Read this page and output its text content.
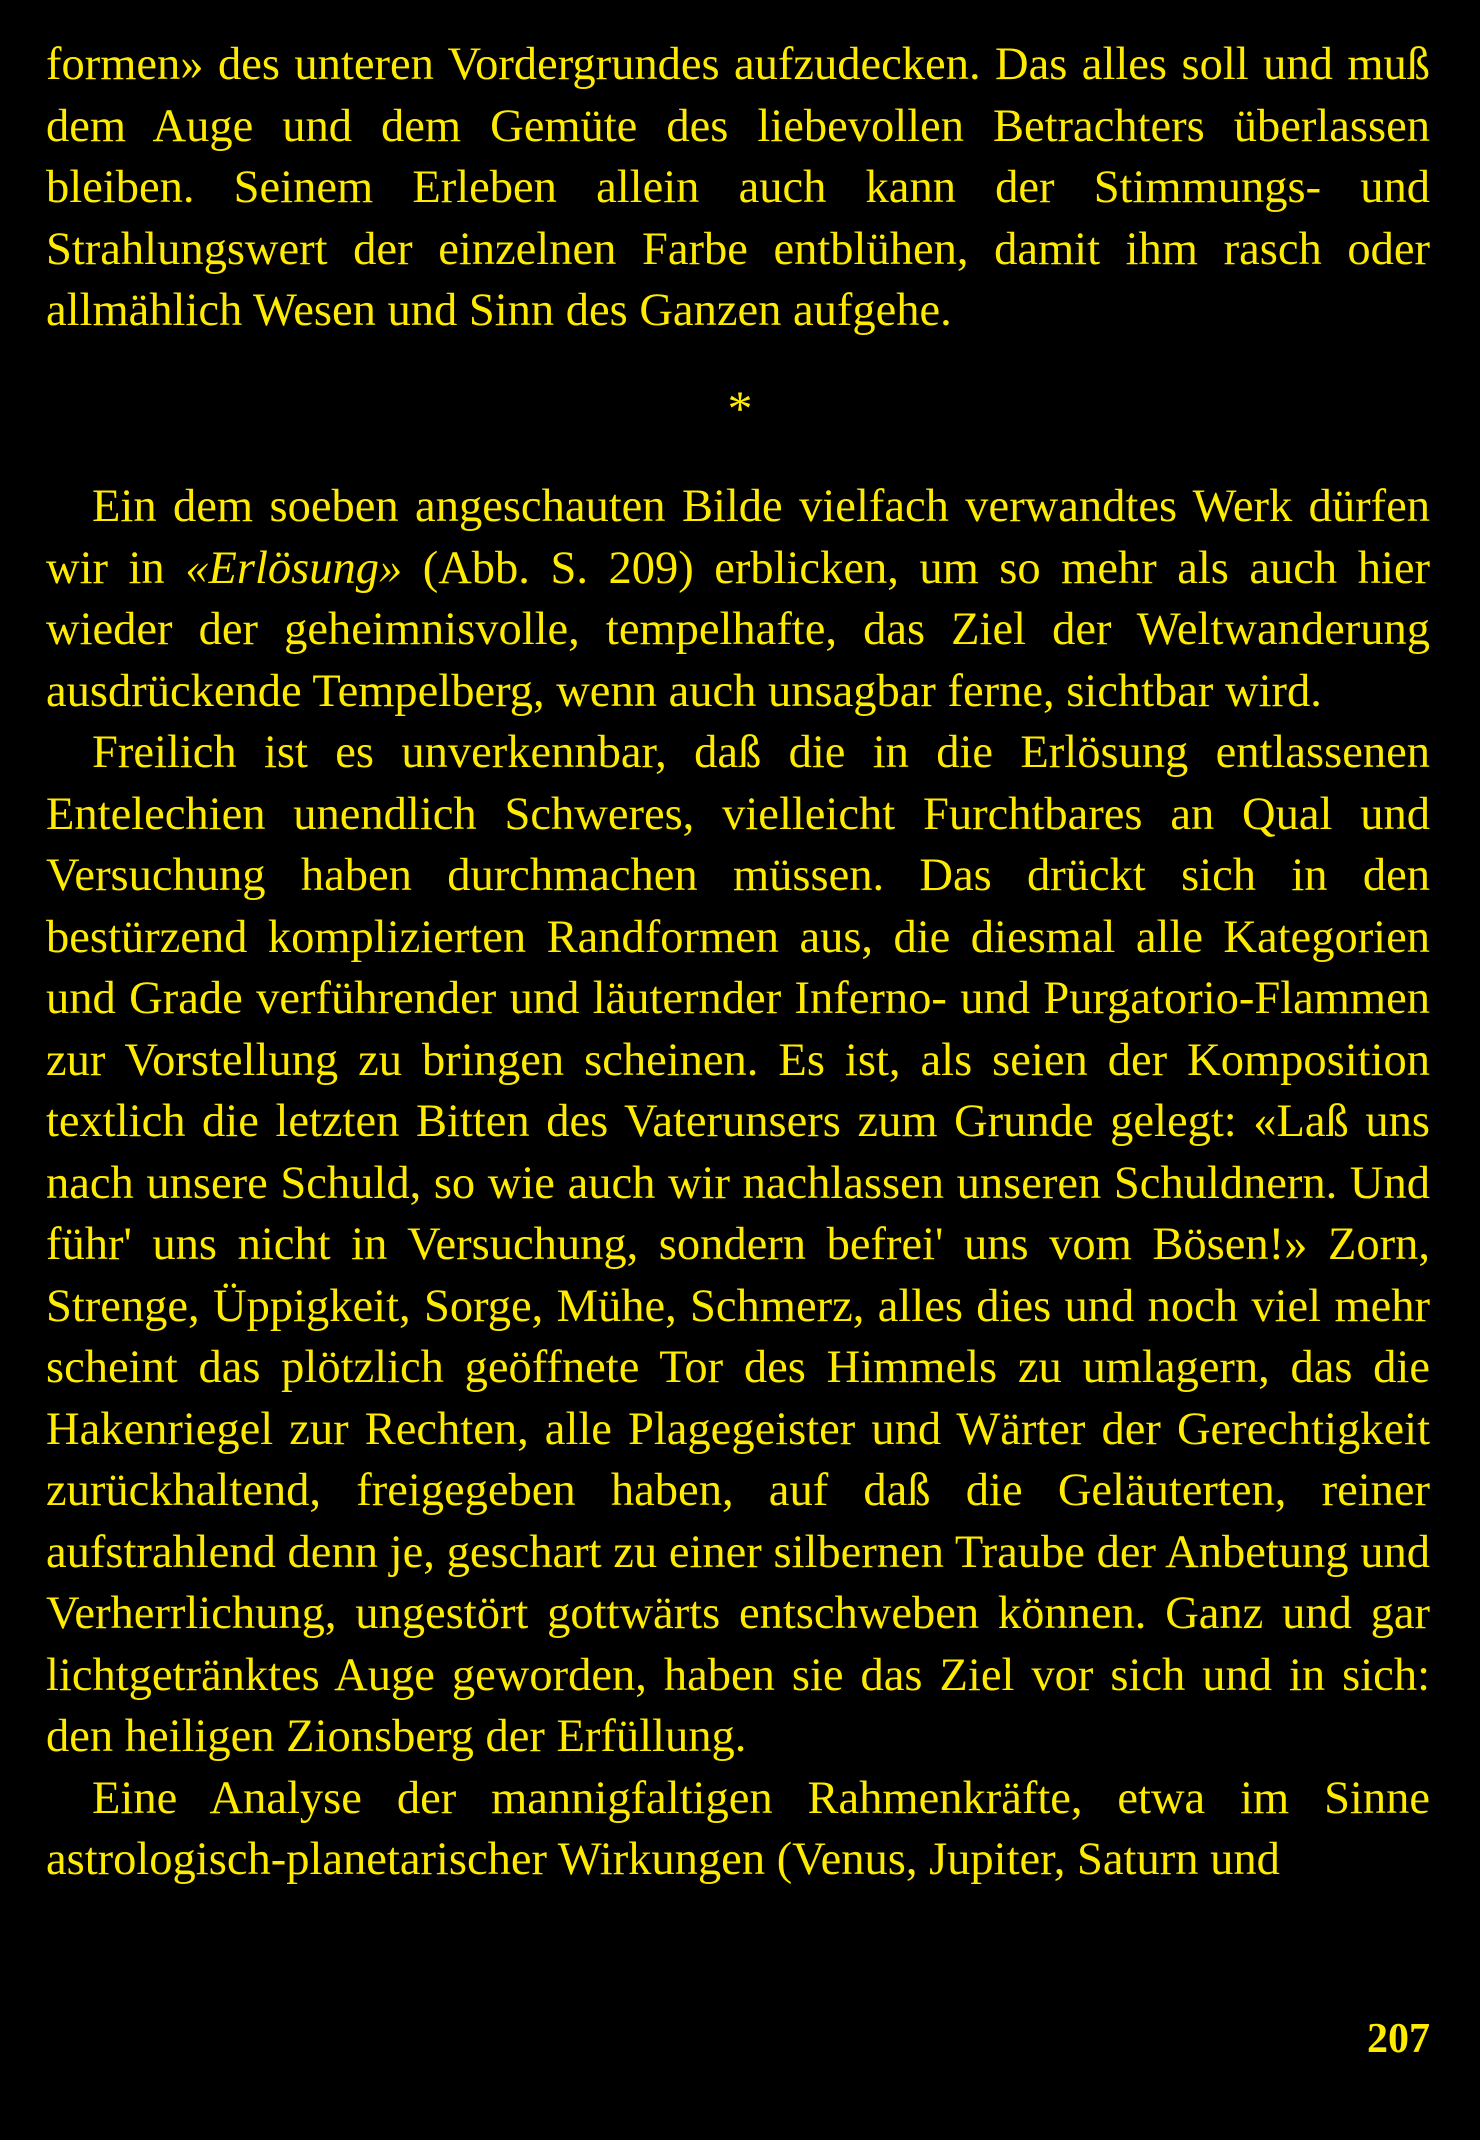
formen» des unteren Vordergrundes aufzudecken. Das alles soll und muß dem Auge und dem Gemüte des liebevollen Betrachters überlassen bleiben. Seinem Erleben allein auch kann der Stimmungs- und Strahlungswert der einzelnen Farbe entblühen, damit ihm rasch oder allmählich Wesen und Sinn des Ganzen aufgehe.

*

Ein dem soeben angeschauten Bilde vielfach verwandtes Werk dürfen wir in «Erlösung» (Abb. S. 209) erblicken, um so mehr als auch hier wieder der geheimnisvolle, tempelhafte, das Ziel der Weltwanderung ausdrückende Tempelberg, wenn auch unsagbar ferne, sichtbar wird.

Freilich ist es unverkennbar, daß die in die Erlösung entlassenen Entelechien unendlich Schweres, vielleicht Furchtbares an Qual und Versuchung haben durchmachen müssen. Das drückt sich in den bestürzend komplizierten Randformen aus, die diesmal alle Kategorien und Grade verführender und läuternder Inferno- und Purgatorio-Flammen zur Vorstellung zu bringen scheinen. Es ist, als seien der Komposition textlich die letzten Bitten des Vaterunsers zum Grunde gelegt: «Laß uns nach unsere Schuld, so wie auch wir nachlassen unseren Schuldnern. Und führ' uns nicht in Versuchung, sondern befrei' uns vom Bösen!» Zorn, Strenge, Üppigkeit, Sorge, Mühe, Schmerz, alles dies und noch viel mehr scheint das plötzlich geöffnete Tor des Himmels zu umlagern, das die Hakenriegel zur Rechten, alle Plagegeister und Wärter der Gerechtigkeit zurückhaltend, freigegeben haben, auf daß die Geläuterten, reiner aufstrahlend denn je, geschart zu einer silbernen Traube der Anbetung und Verherrlichung, ungestört gottwärts entschweben können. Ganz und gar lichtgetränktes Auge geworden, haben sie das Ziel vor sich und in sich: den heiligen Zionsberg der Erfüllung.

Eine Analyse der mannigfaltigen Rahmenkräfte, etwa im Sinne astrologisch-planetarischer Wirkungen (Venus, Jupiter, Saturn und

207
